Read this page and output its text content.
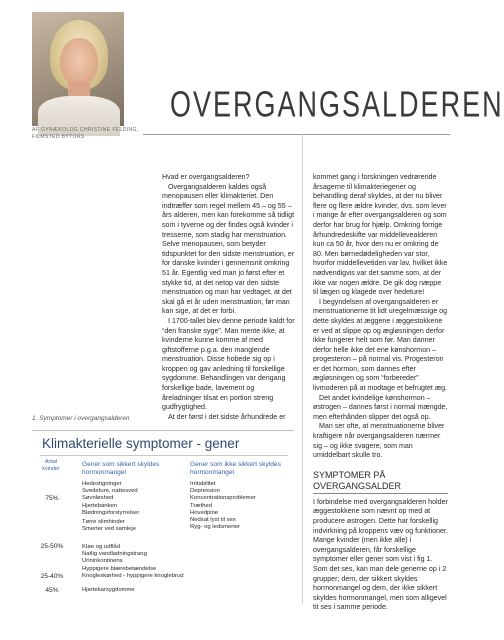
AF GYNÆKOLOG CHRISTINE FELDING, FILMSTED BYTORS
OVERGANGSALDEREN

Hvad er overgangsalderen?

Overgangsalderen kaldes også menopausen eller klimakteriet. Den indtræffer som regel mellem 45 – og 55 –års alderen, men kan forekomme så tidligt som i tyverne og der findes også kvinder i tresserne, som stadig har menstruation. Selve menopausen, som betyder tidspunktet for den sidste menstruation, er for danske kvinder i gennemsnit omkring 51 år. Egentlig ved man jo først efter et stykke tid, at det netop var den sidste menstruation og man har vedtaget, at det skal gå et år uden menstruation, før man kan sige, at det er forbi.

I 1700-tallet blev denne periode kaldt for “den franske syge”. Man mente ikke, at kvinderne kunne komme af med giftstofferne p.g.a. den manglende menstruation. Disse hobede sig op i kroppen og gav anledning til forskellige sygdomme. Behandlingen var dengang forskellige bade, lavement og åreladninger tilsat en portion streng gudfrygtighed.

At der først i det sidste århundrede er

kommet gang i forskningen vedrørende årsagerne til klimakteriegener og behandling deraf skyldes, at der nu bliver flere og flere ældre kvinder, dvs. som lever i mange år efter overgangsalderen og som derfor har brug for hjælp. Omkring forrige århundredeskifte var middellevealderen kun ca 50 år, hvor den nu er omkring de 80. Men børnedødeligheden var stor, hvorfor middellevetiden var lav, hvilket ikke nødvendigvis var det samme som, at der ikke var nogen ældre. De gik dog næppe til lægen og klagede over hedeture!

I begyndelsen af overgangsalderen er menstruationerne tit lidt uregelmæssige og dette skyldes at æggene i æggestokkene er ved at slippe op og ægløsningen derfor ikke fungerer helt som før. Man danner derfor helle ikke det ene kønshormon – progesteron – på normal vis. Progesteron er det hormon, som dannes efter ægløsningen og som “forbereder” livmoderen på at modtage et befrugtet æg.

Det andet kvindelige kønshormon – østrogen – dannes først i normal mængde, men efterhånden slipper det også op.

Man ser ofte, at menstruationerne bliver kraftigere når overgangsalderen nærmer sig – og ikke svagere, som man umiddelbart skulle tro.

SYMPTOMER PÅ OVERGANGSALDER

I forbindelse med overgangsalderen holder æggestokkene som nævnt op med at producere østrogen. Dette har forskellig indvirkning på kroppens væv og funktioner. Mange kvinder (men ikke alle) i overgangsalderen, får forskellige symptomer eller gener som vist i fig 1. Som det ses, kan man dele generne op i 2 grupper; dem, der sikkert skyldes hormonmangel og dem, der ikke sikkert skyldes hormonmangel, men som alligevel tit ses i samme periode.

1. Symptomer i overgangsalderen
Klimakterielle symptomer - gener
Antal kvinder
Gener som sikkert skyldes hormonmangel
Gener som ikke sikkert skyldes hormonmangel
Hedestigninger
Svedeture, nattesved
Søvnløshed
Hjertebanken
Blødningsforstyrrelser
75%
Tørre slimhinder
Smerter ved samleje
Kløe og udflåd
Natlig vandladningstrang
Urininkontinens
Hyppigere blærebetændelse
25-50%
Knogleskørhed - hyppigere knoglebrud
25-40%
Hjertekarsygdomme
45%
Irritabilitet
Depression
Koncentrationsproblemer
Træthed
Hovedpine
Nedsat lyst til sex
Ryg- og ledsmerter
